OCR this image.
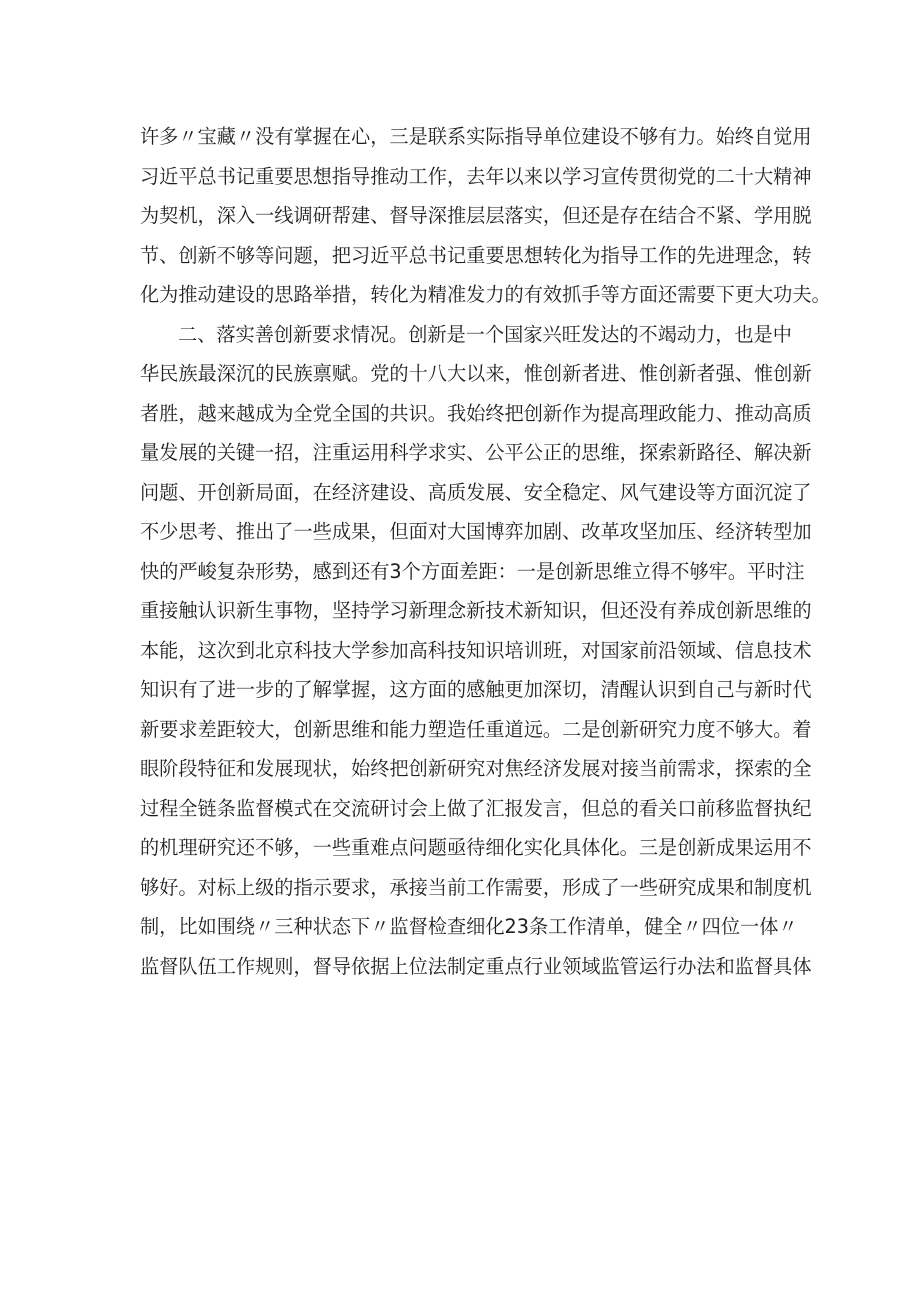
许多〃宝藏〃没有掌握在心，三是联系实际指导单位建设不够有力。始终自觉用
习近平总书记重要思想指导推动工作，去年以来以学习宣传贯彻党的二十大精神
为契机，深入一线调研帮建、督导深推层层落实，但还是存在结合不紧、学用脱
节、创新不够等问题，把习近平总书记重要思想转化为指导工作的先进理念，转
化为推动建设的思路举措，转化为精准发力的有效抓手等方面还需要下更大功夫。
二、落实善创新要求情况。创新是一个国家兴旺发达的不竭动力，也是中
华民族最深沉的民族禀赋。党的十八大以来，惟创新者进、惟创新者强、惟创新
者胜，越来越成为全党全国的共识。我始终把创新作为提高理政能力、推动高质
量发展的关键一招，注重运用科学求实、公平公正的思维，探索新路径、解决新
问题、开创新局面，在经济建设、高质发展、安全稳定、风气建设等方面沉淀了
不少思考、推出了一些成果，但面对大国博弈加剧、改革攻坚加压、经济转型加
快的严峻复杂形势，感到还有3个方面差距：一是创新思维立得不够牢。平时注
重接触认识新生事物，坚持学习新理念新技术新知识，但还没有养成创新思维的
本能，这次到北京科技大学参加高科技知识培训班，对国家前沿领域、信息技术
知识有了进一步的了解掌握，这方面的感触更加深切，清醒认识到自己与新时代
新要求差距较大，创新思维和能力塑造任重道远。二是创新研究力度不够大。着
眼阶段特征和发展现状，始终把创新研究对焦经济发展对接当前需求，探索的全
过程全链条监督模式在交流研讨会上做了汇报发言，但总的看关口前移监督执纪
的机理研究还不够，一些重难点问题亟待细化实化具体化。三是创新成果运用不
够好。对标上级的指示要求，承接当前工作需要，形成了一些研究成果和制度机
制，比如围绕〃三种状态下〃监督检查细化23条工作清单，健全〃四位一体〃
监督队伍工作规则，督导依据上位法制定重点行业领域监管运行办法和监督具体
